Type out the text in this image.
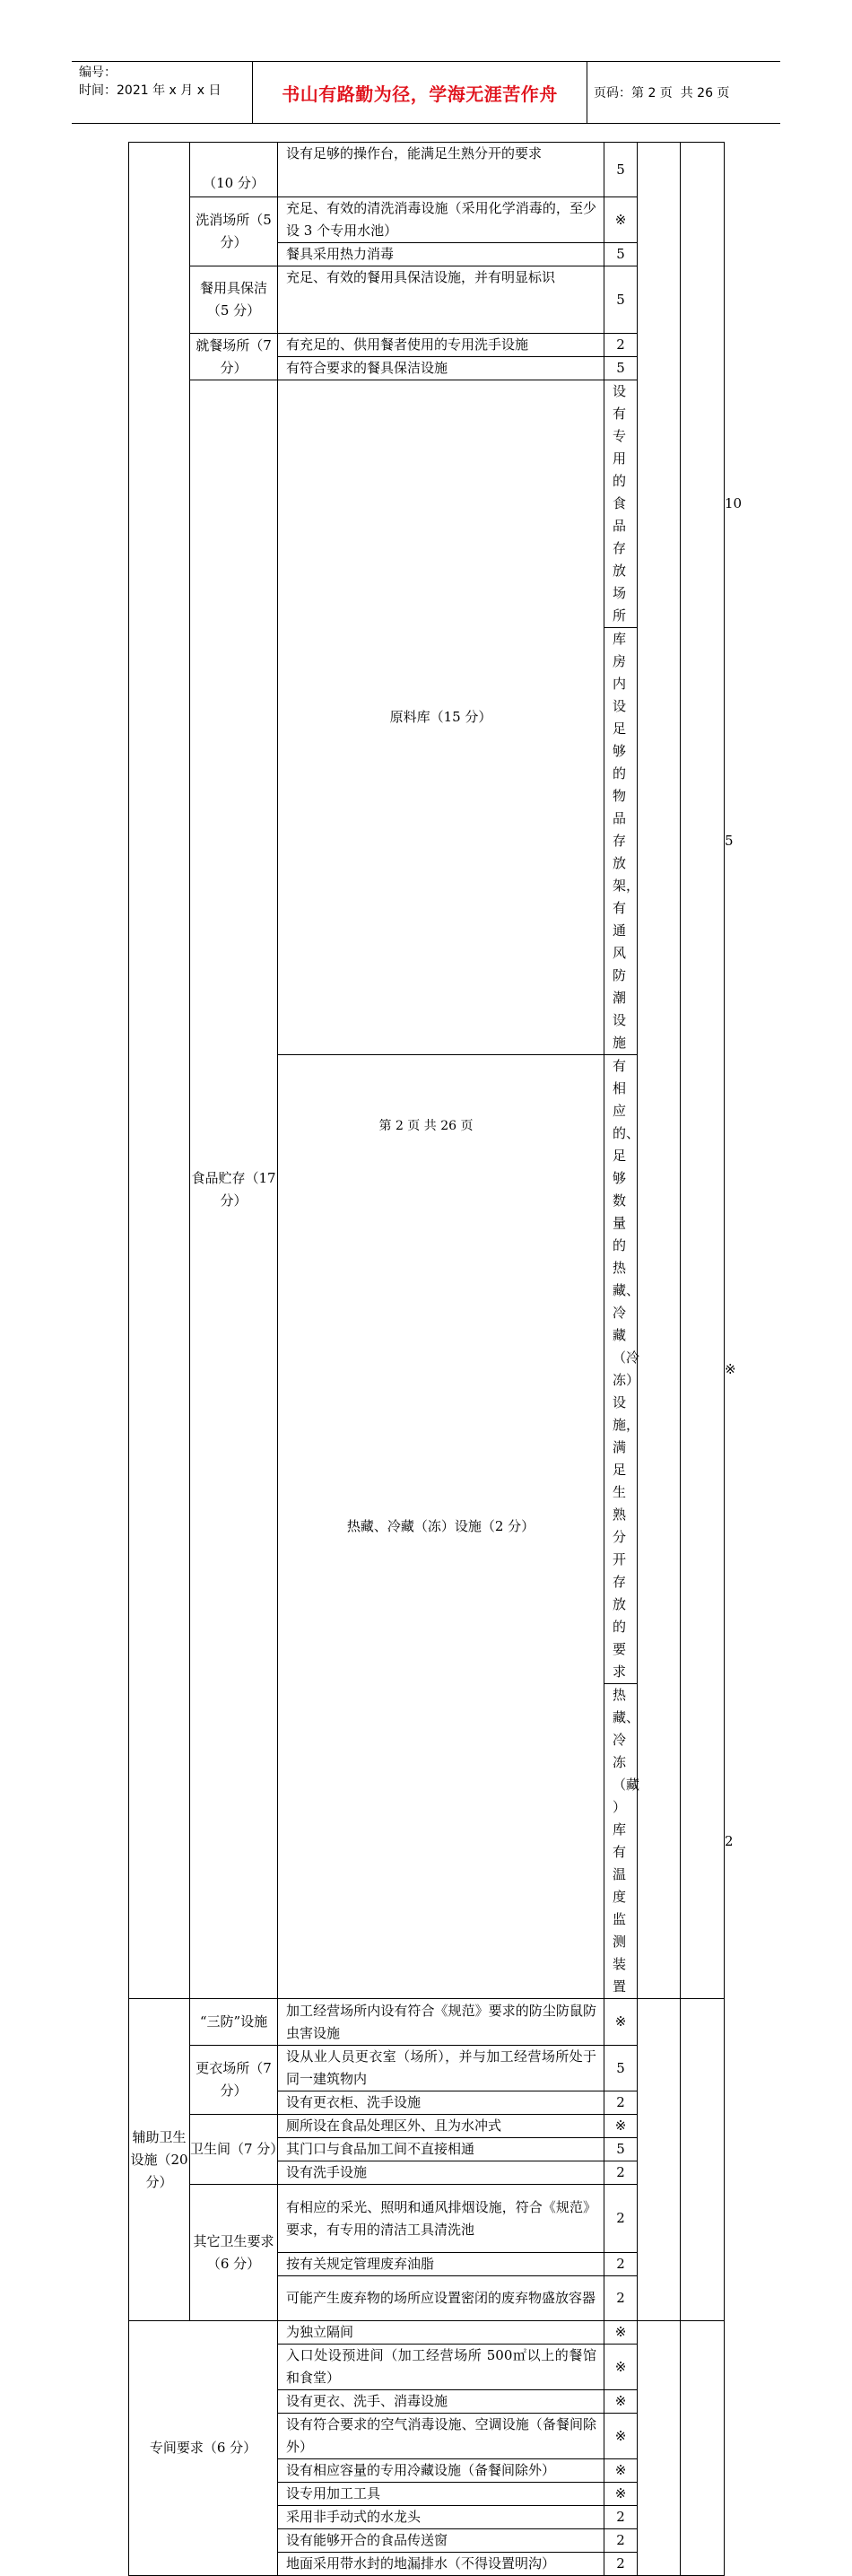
编号：
时间：2021 年 x 月 x 日	书山有路勤为径，学海无涯苦作舟	页码：第 2 页  共 26 页
	（10 分）	设有足够的操作台，能满足生熟分开的要求	5			
	洗消场所（5 分）	充足、有效的清洗消毒设施（采用化学消毒的，至少设 3 个专用水池）	※			
		餐具采用热力消毒	5			
	餐用具保洁（5 分）	充足、有效的餐用具保洁设施，并有明显标识	5			
	就餐场所（7 分）	有充足的、供用餐者使用的专用洗手设施	2			
		有符合要求的餐具保洁设施	5			
	食品贮存（17 分）	原料库（15 分）	设有专用的食品存放场所			10
			库房内设足够的物品存放架，有通风防潮设施			5
		热藏、冷藏（冻）设施（2 分）	有相应的、足够数量的热藏、冷藏（冷冻）设施，满足生熟分开存放的要求			※
			热藏、冷冻（藏 ）库有温度监测装置			2
辅助卫生设施（20 分）	“三防”设施	加工经营场所内设有符合《规范》要求的防尘防鼠防虫害设施	※			
	更衣场所（7 分）	设从业人员更衣室（场所），并与加工经营场所处于同一建筑物内	5			
		设有更衣柜、洗手设施	2			
	卫生间（7 分）	厕所设在食品处理区外、且为水冲式	※			
		其门口与食品加工间不直接相通	5			
		设有洗手设施	2			
	其它卫生要求（6 分）	有相应的采光、照明和通风排烟设施，符合《规范》要求，有专用的清洁工具清洗池	2			
		按有关规定管理废弃油脂	2			
		可能产生废弃物的场所应设置密闭的废弃物盛放容器	2			
专间要求（6 分）		为独立隔间	※			
		入口处设预进间（加工经营场所 500㎡以上的餐馆和食堂）	※			
		设有更衣、洗手、消毒设施	※			
		设有符合要求的空气消毒设施、空调设施（备餐间除外）	※			
		设有相应容量的专用冷藏设施（备餐间除外）	※			
		设专用加工工具	※			
		采用非手动式的水龙头	2			
		设有能够开合的食品传送窗	2			
		地面采用带水封的地漏排水（不得设置明沟）	2			
第 2 页 共 26 页
